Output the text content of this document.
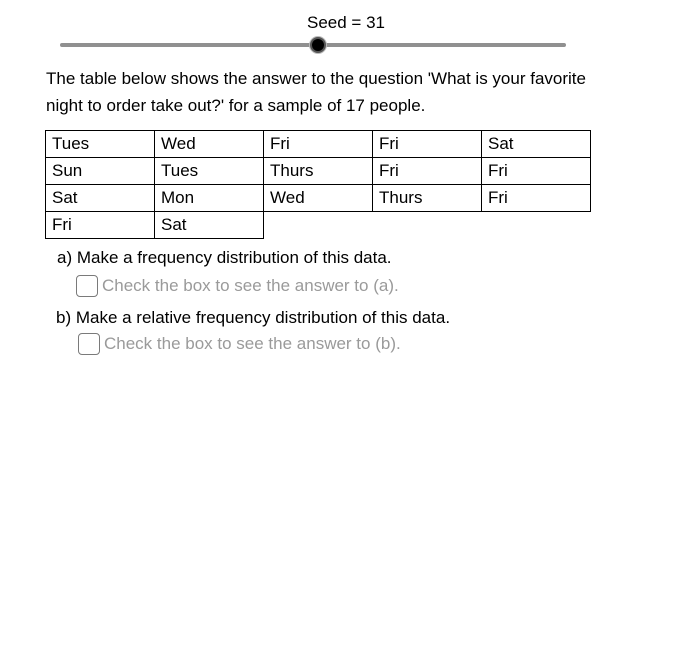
Seed = 31
The table below shows the answer to the question 'What is your favorite night to order take out?' for a sample of 17 people.
Tues	Wed	Fri	Fri	Sat
Sun	Tues	Thurs	Fri	Fri
Sat	Mon	Wed	Thurs	Fri
Fri	Sat			
a) Make a frequency distribution of this data.
Check the box to see the answer to (a).
b) Make a relative frequency distribution of this data.
Check the box to see the answer to (b).
